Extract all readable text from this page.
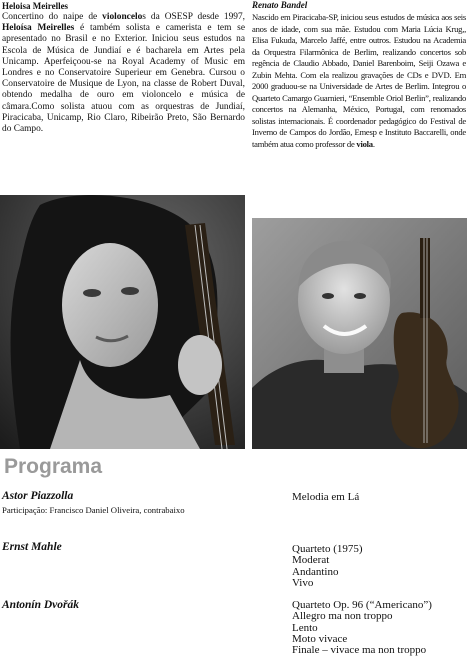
Heloisa Meirelles
Concertino do naipe de violoncelos da OSESP desde 1997, Heloísa Meirelles é também solista e camerista e tem se apresentado no Brasil e no Exterior. Iniciou seus estudos na Escola de Música de Jundiaí e é bacharela em Artes pela Unicamp. Aperfeiçoou-se na Royal Academy of Music em Londres e no Conservatoire Superieur em Genebra. Cursou o Conservatoire de Musique de Lyon, na classe de Robert Duval, obtendo medalha de ouro em violoncelo e música de câmara.Como solista atuou com as orquestras de Jundiaí, Piracicaba, Unicamp, Rio Claro, Ribeirão Preto, São Bernardo do Campo.
Renato Bandel
Nascido em Piracicaba-SP, iniciou seus estudos de música aos seis anos de idade, com sua mãe. Estudou com Maria Lúcia Krug,, Elisa Fukuda, Marcelo Jaffé, entre outros. Estudou na Academia da Orquestra Filarmônica de Berlim, realizando concertos sob regência de Claudio Abbado, Daniel Barenboim, Seiji Ozawa e Zubin Mehta. Com ela realizou gravações de CDs e DVD. Em 2000 graduou-se na Universidade de Artes de Berlim. Integrou o Quarteto Camargo Guarnieri, “Ensemble Oriol Berlin”, realizando concertos na Alemanha, México, Portugal, com renomados solistas internacionais. É coordenador pedagógico do Festival de Inverno de Campos do Jordão, Emesp e Instituto Baccarelli, onde também atua como professor de viola.
Programa
Astor Piazzolla
Participação: Francisco Daniel Oliveira, contrabaixo
Melodia em Lá
Ernst Mahle	Quarteto (1975)
Moderat
Andantino
Vivo
Antonín Dvořák	Quarteto Op. 96 (“Americano”)
Allegro ma non troppo
Lento
Moto vivace
Finale – vivace ma non troppo
